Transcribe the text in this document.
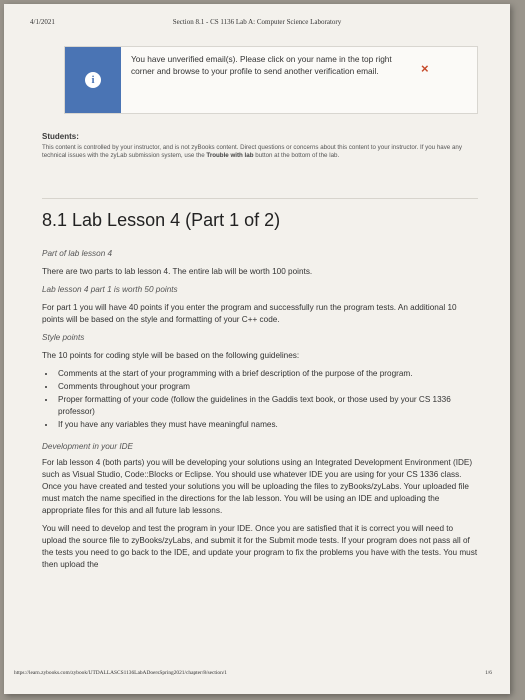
4/1/2021	Section 8.1 - CS 1136 Lab A: Computer Science Laboratory
i
You have unverified email(s). Please click on your name in the top right corner and browse to your profile to send another verification email.	×
Students:
This content is controlled by your instructor, and is not zyBooks content. Direct questions or concerns about this content to your instructor. If you have any technical issues with the zyLab submission system, use the Trouble with lab button at the bottom of the lab.
8.1 Lab Lesson 4 (Part 1 of 2)

Part of lab lesson 4

There are two parts to lab lesson 4. The entire lab will be worth 100 points.

Lab lesson 4 part 1 is worth 50 points

For part 1 you will have 40 points if you enter the program and successfully run the program tests. An additional 10 points will be based on the style and formatting of your C++ code.

Style points

The 10 points for coding style will be based on the following guidelines:

• Comments at the start of your programming with a brief description of the purpose of the program.
• Comments throughout your program
• Proper formatting of your code (follow the guidelines in the Gaddis text book, or those used by your CS 1336 professor)
• If you have any variables they must have meaningful names.

Development in your IDE

For lab lesson 4 (both parts) you will be developing your solutions using an Integrated Development Environment (IDE) such as Visual Studio, Code::Blocks or Eclipse. You should use whatever IDE you are using for your CS 1336 class. Once you have created and tested your solutions you will be uploading the files to zyBooks/zyLabs. Your uploaded file must match the name specified in the directions for the lab lesson. You will be using an IDE and uploading the appropriate files for this and all future lab lessons.

You will need to develop and test the program in your IDE. Once you are satisfied that it is correct you will need to upload the source file to zyBooks/zyLabs, and submit it for the Submit mode tests. If your program does not pass all of the tests you need to go back to the IDE, and update your program to fix the problems you have with the tests. You must then upload the

https://learn.zybooks.com/zybook/UTDALLASCS1136LabADoersSpring2021/chapter/8/section/1	1/6
